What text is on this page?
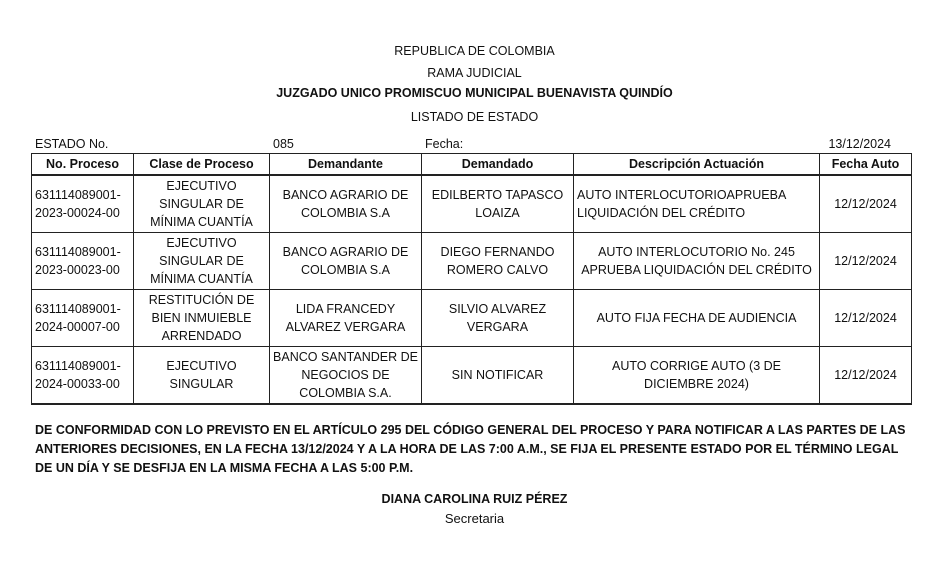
REPUBLICA DE COLOMBIA
RAMA JUDICIAL
JUZGADO UNICO PROMISCUO MUNICIPAL BUENAVISTA QUINDÍO
LISTADO DE ESTADO
ESTADO No.	085	Fecha:	13/12/2024
No. Proceso	Clase de Proceso	Demandante	Demandado	Descripción Actuación	Fecha Auto
631114089001-
2023-00024-00	EJECUTIVO SINGULAR DE MÍNIMA CUANTÍA	BANCO AGRARIO DE COLOMBIA S.A	EDILBERTO TAPASCO LOAIZA	AUTO INTERLOCUTORIOAPRUEBA LIQUIDACIÓN DEL CRÉDITO	12/12/2024
631114089001-
2023-00023-00	EJECUTIVO SINGULAR DE MÍNIMA CUANTÍA	BANCO AGRARIO DE COLOMBIA S.A	DIEGO FERNANDO ROMERO CALVO	AUTO INTERLOCUTORIO No. 245 APRUEBA LIQUIDACIÓN DEL CRÉDITO	12/12/2024
631114089001-
2024-00007-00	RESTITUCIÓN DE BIEN INMUIEBLE ARRENDADO	LIDA FRANCEDY ALVAREZ VERGARA	SILVIO ALVAREZ VERGARA	AUTO FIJA FECHA DE AUDIENCIA	12/12/2024
631114089001-
2024-00033-00	EJECUTIVO SINGULAR	BANCO SANTANDER DE NEGOCIOS DE COLOMBIA S.A.	SIN NOTIFICAR	AUTO CORRIGE AUTO (3 DE DICIEMBRE 2024)	12/12/2024
DE CONFORMIDAD CON LO PREVISTO EN EL ARTÍCULO 295 DEL CÓDIGO GENERAL DEL PROCESO Y PARA NOTIFICAR A LAS PARTES DE LAS ANTERIORES DECISIONES, EN LA FECHA 13/12/2024 Y A LA HORA DE LAS 7:00 A.M., SE FIJA EL PRESENTE ESTADO POR EL TÉRMINO LEGAL DE UN DÍA Y SE DESFIJA EN LA MISMA FECHA A LAS 5:00 P.M.
DIANA CAROLINA RUIZ PÉREZ
Secretaria
